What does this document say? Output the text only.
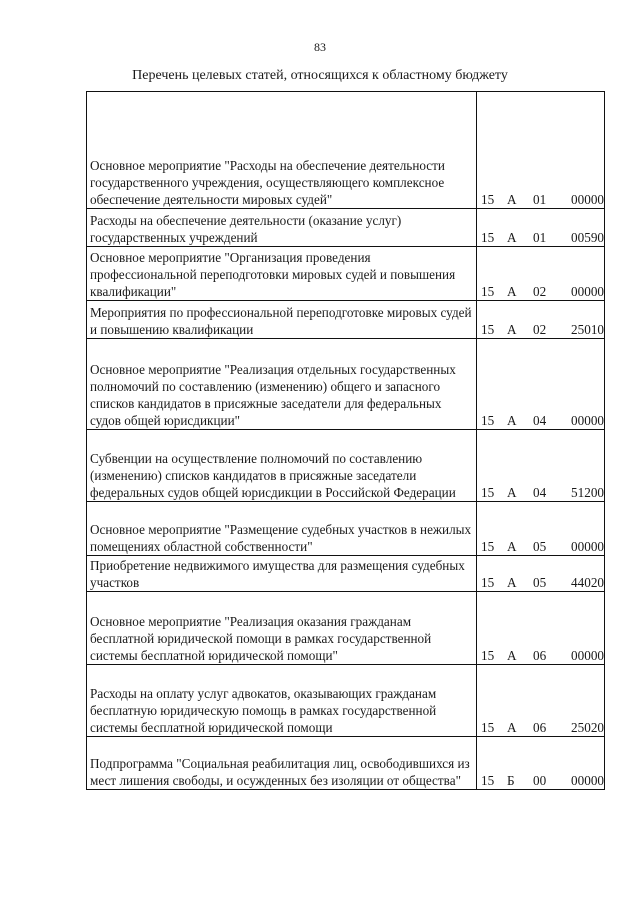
83
Перечень целевых статей, относящихся к областному бюджету
Основное мероприятие "Расходы на обеспечение деятельности государственного учреждения, осуществляющего комплексное обеспечение деятельности мировых судей"	15 А 01 00000
Расходы на обеспечение деятельности (оказание услуг) государственных учреждений	15 А 01 00590
Основное мероприятие "Организация проведения профессиональной переподготовки мировых судей и повышения квалификации"	15 А 02 00000
Мероприятия по профессиональной переподготовке мировых судей и повышению квалификации	15 А 02 25010
Основное мероприятие "Реализация отдельных государственных полномочий по составлению (изменению) общего и запасного списков кандидатов в присяжные заседатели для федеральных судов общей юрисдикции"	15 А 04 00000
Субвенции на осуществление полномочий по составлению (изменению) списков кандидатов в присяжные заседатели федеральных судов общей юрисдикции в Российской Федерации	15 А 04 51200
Основное мероприятие "Размещение судебных участков в нежилых помещениях областной собственности"	15 А 05 00000
Приобретение недвижимого имущества для размещения судебных участков	15 А 05 44020
Основное мероприятие "Реализация оказания гражданам бесплатной юридической помощи в рамках государственной системы бесплатной юридической помощи"	15 А 06 00000
Расходы на оплату услуг адвокатов, оказывающих гражданам бесплатную юридическую помощь в рамках государственной системы бесплатной юридической помощи	15 А 06 25020
Подпрограмма "Социальная реабилитация лиц, освободившихся из мест лишения свободы, и осужденных без изоляции от общества"	15 Б 00 00000
